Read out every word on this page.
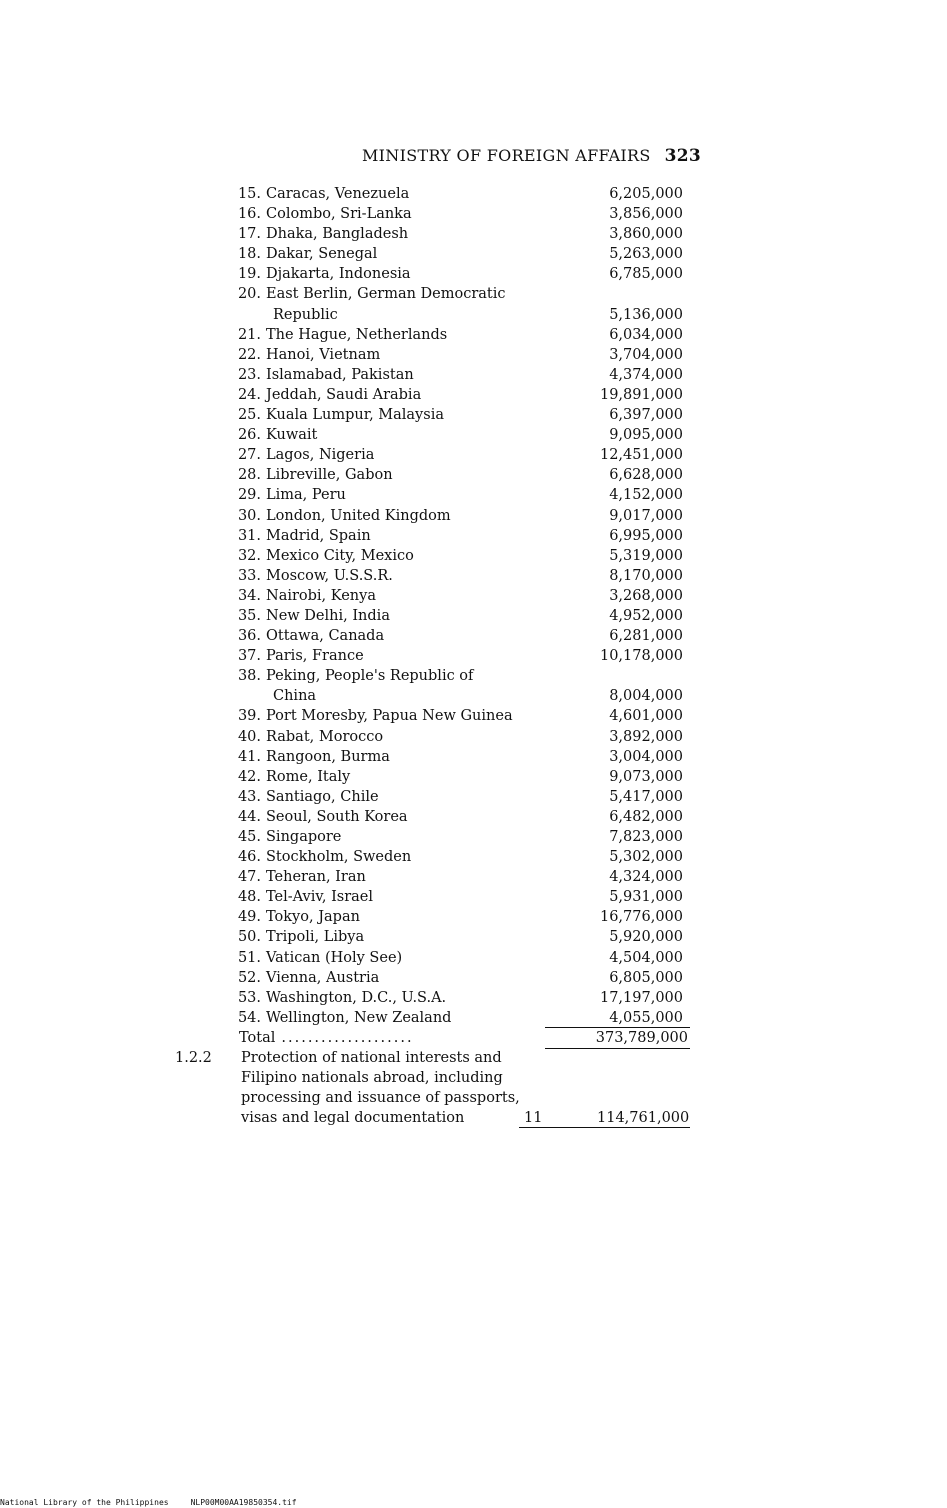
MINISTRY OF FOREIGN AFFAIRS 323
15. Caracas, Venezuela	6,205,000
16. Colombo, Sri-Lanka	3,856,000
17. Dhaka, Bangladesh	3,860,000
18. Dakar, Senegal	5,263,000
19. Djakarta, Indonesia	6,785,000
20. East Berlin, German Democratic
Republic	5,136,000
21. The Hague, Netherlands	6,034,000
22. Hanoi, Vietnam	3,704,000
23. Islamabad, Pakistan	4,374,000
24. Jeddah, Saudi Arabia	19,891,000
25. Kuala Lumpur, Malaysia	6,397,000
26. Kuwait	9,095,000
27. Lagos, Nigeria	12,451,000
28. Libreville, Gabon	6,628,000
29. Lima, Peru	4,152,000
30. London, United Kingdom	9,017,000
31. Madrid, Spain	6,995,000
32. Mexico City, Mexico	5,319,000
33. Moscow, U.S.S.R.	8,170,000
34. Nairobi, Kenya	3,268,000
35. New Delhi, India	4,952,000
36. Ottawa, Canada	6,281,000
37. Paris, France	10,178,000
38. Peking, People's Republic of
China	8,004,000
39. Port Moresby, Papua New Guinea	4,601,000
40. Rabat, Morocco	3,892,000
41. Rangoon, Burma	3,004,000
42. Rome, Italy	9,073,000
43. Santiago, Chile	5,417,000
44. Seoul, South Korea	6,482,000
45. Singapore	7,823,000
46. Stockholm, Sweden	5,302,000
47. Teheran, Iran	4,324,000
48. Tel-Aviv, Israel	5,931,000
49. Tokyo, Japan	16,776,000
50. Tripoli, Libya	5,920,000
51. Vatican (Holy See)	4,504,000
52. Vienna, Austria	6,805,000
53. Washington, D.C., U.S.A.	17,197,000
54. Wellington, New Zealand	4,055,000
Total ....................	373,789,000
1.2.2 Protection of national interests and
Filipino nationals abroad, including
processing and issuance of passports,
visas and legal documentation	11	114,761,000
National Library of the Philippines	NLP00M00AA19850354.tif
